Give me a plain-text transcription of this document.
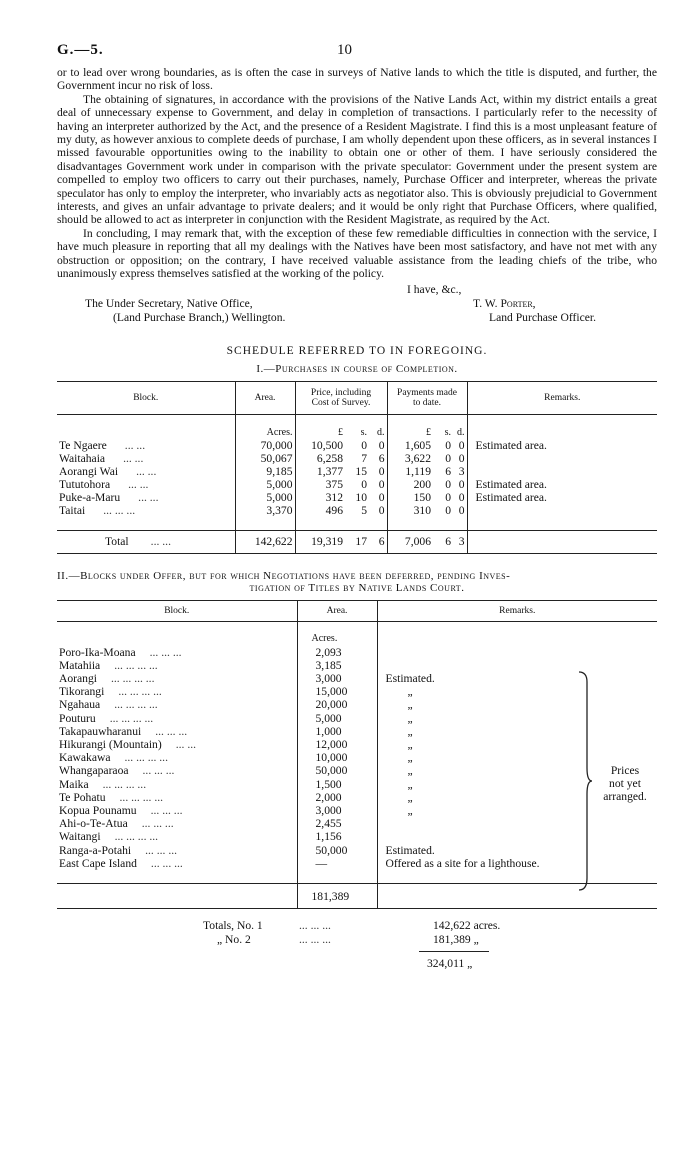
G.—5.	10

or to lead over wrong boundaries, as is often the case in surveys of Native lands to which the title is disputed, and further, the Government incur no risk of loss.

The obtaining of signatures, in accordance with the provisions of the Native Lands Act, within my district entails a great deal of unnecessary expense to Government, and delay in completion of transactions. I particularly refer to the necessity of having an interpreter authorized by the Act, and the presence of a Resident Magistrate. I find this is a most unpleasant feature of my duty, as however anxious to complete deeds of purchase, I am wholly dependent upon these officers, as in several instances I missed favourable opportunities owing to the inability to obtain one or other of them. I have seriously considered the disadvantages Government work under in comparison with the private speculator: Government under the present system are compelled to employ two officers to carry out their purchases, namely, Purchase Officer and interpreter, whereas the private speculator has only to employ the interpreter, who invariably acts as negotiator also. This is obviously prejudicial to Government interests, and gives an unfair advantage to private dealers; and it would be only right that Purchase Officers, where qualified, should be allowed to act as interpreter in conjunction with the Resident Magistrate, as required by the Act.

In concluding, I may remark that, with the exception of these few remediable difficulties in connection with the service, I have much pleasure in reporting that all my dealings with the Natives have been most satisfactory, and have not met with any obstruction or opposition; on the contrary, I have received valuable assistance from the leading chiefs of the tribe, who unanimously express themselves satisfied at the working of the policy.

I have, &c.,
The Under Secretary, Native Office,	T. W. Porter,
(Land Purchase Branch,) Wellington.	Land Purchase Officer.
SCHEDULE REFERRED TO IN FOREGOING.
I.—Purchases in course of Completion.
Block.	Area.	Price, including Cost of Survey.			Payments made to date.			Remarks.
	Acres.	£	s.	d.	£	s.	d.	
Te Ngaere ... ...	70,000	10,500	0	0	1,605	0	0	Estimated area.
Waitahaia ... ...	50,067	6,258	7	6	3,622	0	0	
Aorangi Wai ... ...	9,185	1,377	15	0	1,119	6	3	
Tututohora ... ...	5,000	375	0	0	200	0	0	Estimated area.
Puke-a-Maru ... ...	5,000	312	10	0	150	0	0	Estimated area.
Taitai ... ... ...	3,370	496	5	0	310	0	0	

Total ... ...	142,622	19,319	17	6	7,006	6	3	
II.—Blocks under Offer, but for which Negotiations have been deferred, pending Inves-
tigation of Titles by Native Lands Court.
Block.	Area.	Remarks.
	Acres.	
Poro-Ika-Moana ... ... ...	2,093	
Matahiia ... ... ... ...	3,185	
Aorangi ... ... ... ...	3,000	Estimated.
Tikorangi ... ... ... ...	15,000	„
Ngahaua ... ... ... ...	20,000	„
Pouturu ... ... ... ...	5,000	„
Takapauwharanui ... ... ...	1,000	„
Hikurangi (Mountain) ... ...	12,000	„
Kawakawa ... ... ... ...	10,000	„
Whangaparaoa ... ... ...	50,000	„
Maika ... ... ... ...	1,500	„
Te Pohatu ... ... ... ...	2,000	„
Kopua Pounamu ... ... ...	3,000	„
Ahi-o-Te-Atua ... ... ...	2,455	
Waitangi ... ... ... ...	1,156	
Ranga-a-Potahi ... ... ...	50,000	Estimated.
East Cape Island ... ... ...	—	Offered as a site for a lighthouse.

	181,389	
Prices
not yet
arranged.
Totals, No. 1	... ... ...	142,622 acres.
„ No. 2	... ... ...	181,389 „
324,011 „
